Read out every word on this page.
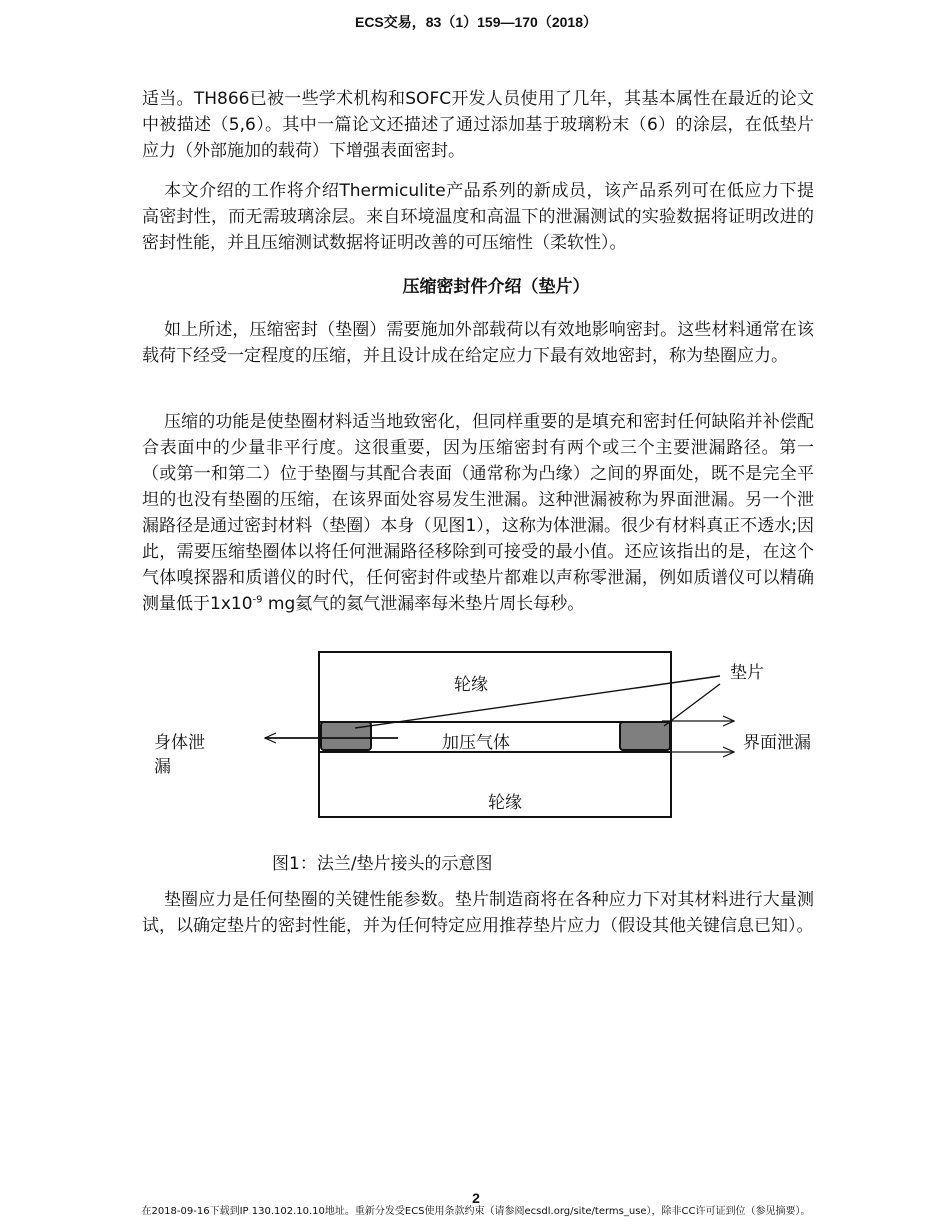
ECS交易，83（1）159—170（2018）

适当。TH866已被一些学术机构和SOFC开发人员使用了几年，其基本属性在最近的论文中被描述（5,6）。其中一篇论文还描述了通过添加基于玻璃粉末（6）的涂层，在低垫片应力（外部施加的载荷）下增强表面密封。

本文介绍的工作将介绍Thermiculite产品系列的新成员，该产品系列可在低应力下提高密封性，而无需玻璃涂层。来自环境温度和高温下的泄漏测试的实验数据将证明改进的密封性能，并且压缩测试数据将证明改善的可压缩性（柔软性）。

压缩密封件介绍（垫片）

如上所述，压缩密封（垫圈）需要施加外部载荷以有效地影响密封。这些材料通常在该载荷下经受一定程度的压缩，并且设计成在给定应力下最有效地密封，称为垫圈应力。

压缩的功能是使垫圈材料适当地致密化，但同样重要的是填充和密封任何缺陷并补偿配合表面中的少量非平行度。这很重要，因为压缩密封有两个或三个主要泄漏路径。第一（或第一和第二）位于垫圈与其配合表面（通常称为凸缘）之间的界面处，既不是完全平坦的也没有垫圈的压缩，在该界面处容易发生泄漏。这种泄漏被称为界面泄漏。另一个泄漏路径是通过密封材料（垫圈）本身（见图1），这称为体泄漏。很少有材料真正不透水;因此，需要压缩垫圈体以将任何泄漏路径移除到可接受的最小值。还应该指出的是，在这个气体嗅探器和质谱仪的时代，任何密封件或垫片都难以声称零泄漏，例如质谱仪可以精确测量低于$1x10^{-9}$ mg氦气的氦气泄漏率每米垫片周长每秒。

轮缘
轮缘
加压气体
垫片
身体泄
漏
界面泄漏
图1：法兰/垫片接头的示意图

垫圈应力是任何垫圈的关键性能参数。垫片制造商将在各种应力下对其材料进行大量测试，以确定垫片的密封性能，并为任何特定应用推荐垫片应力（假设其他关键信息已知）。

2
在2018-09-16下载到IP 130.102.10.10地址。重新分发受ECS使用条款约束（请参阅ecsdl.org/site/terms_use），除非CC许可证到位（参见摘要）。
